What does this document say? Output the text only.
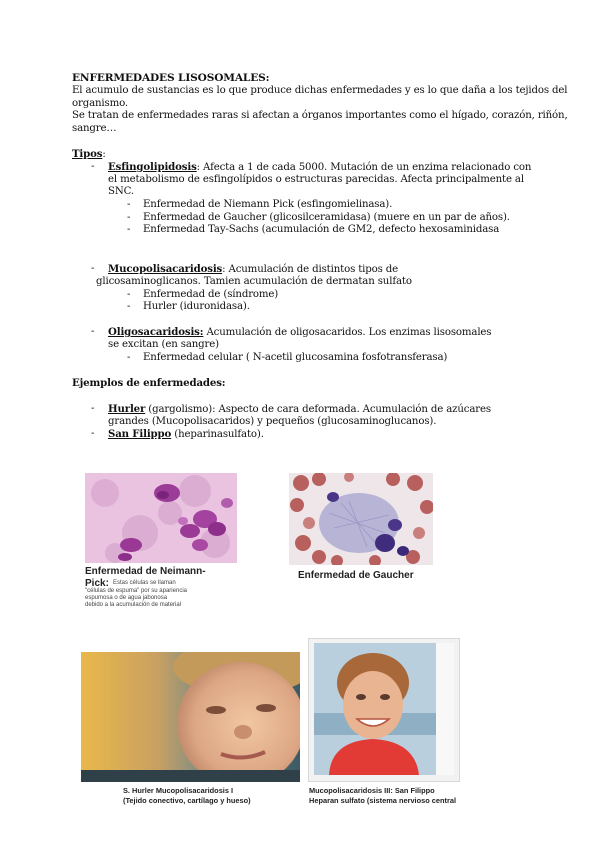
ENFERMEDADES LISOSOMALES:
El acumulo de sustancias es lo que produce dichas enfermedades y es lo que daña a los tejidos del
organismo.
Se tratan de enfermedades raras si afectan a órganos importantes como el hígado, corazón, riñón,
sangre…
Tipos:
- Esfingolipidosis: Afecta a 1 de cada 5000. Mutación de un enzima relacionado con
el metabolismo de esfingolípidos o estructuras parecidas. Afecta principalmente al
SNC.
- Enfermedad de Niemann Pick (esfingomielinasa).
- Enfermedad de Gaucher (glicosilceramidasa) (muere en un par de años).
- Enfermedad Tay-Sachs (acumulación de GM2, defecto hexosaminidasa
- Mucopolisacaridosis: Acumulación de distintos tipos de
glicosaminoglicanos. Tamien acumulación de dermatan sulfato
- Enfermedad de (síndrome)
- Hurler (iduronidasa).
- Oligosacaridosis: Acumulación de oligosacaridos. Los enzimas lisosomales
se excitan (en sangre)
- Enfermedad celular ( N-acetil glucosamina fosfotransferasa)
Ejemplos de enfermedades:
- Hurler (gargolismo): Aspecto de cara deformada. Acumulación de azúcares
grandes (Mucopolisacaridos) y pequeños (glucosaminoglucanos).
- San Filippo (heparinasulfato).
Enfermedad de Neimann-
Pick: Estas células se llaman
"células de espuma" por su apariencia
espumosa o de agua jabonosa
debido a la acumulación de material
Enfermedad de Gaucher
S. Hurler Mucopolisacaridosis I
(Tejido conectivo, cartílago y hueso)
Mucopolisacaridosis III: San Filippo
Heparan sulfato (sistema nervioso central
